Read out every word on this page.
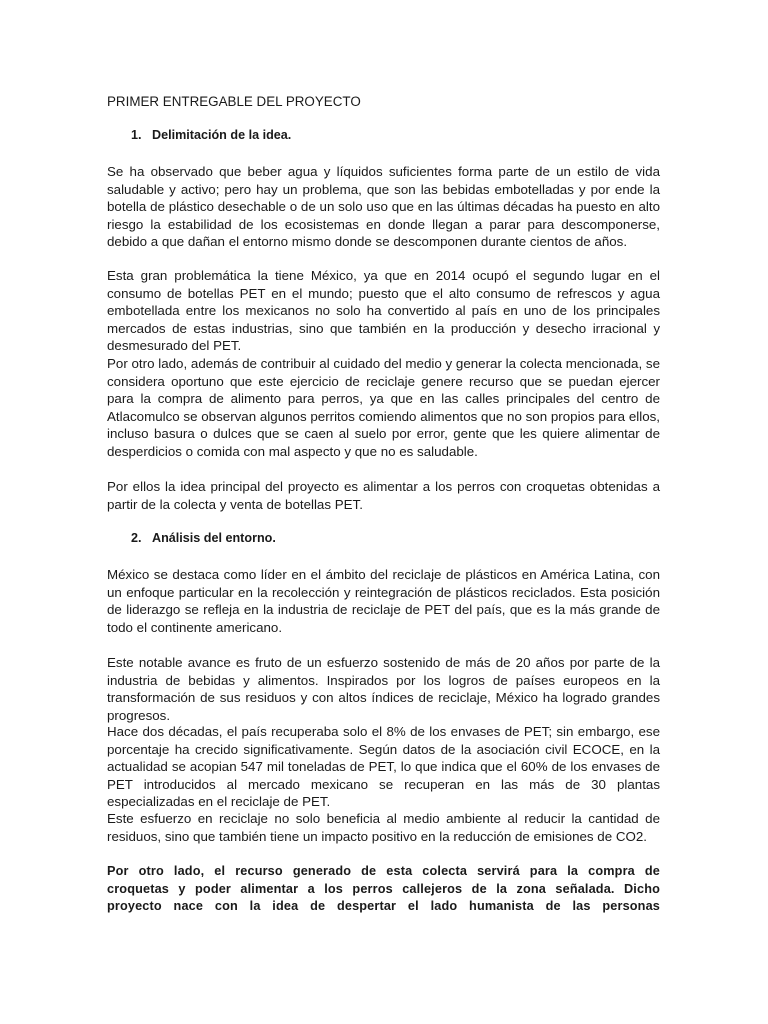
PRIMER ENTREGABLE DEL PROYECTO
1. Delimitación de la idea.

Se ha observado que beber agua y líquidos suficientes forma parte de un estilo de vida saludable y activo; pero hay un problema, que son las bebidas embotelladas y por ende la botella de plástico desechable o de un solo uso que en las últimas décadas ha puesto en alto riesgo la estabilidad de los ecosistemas en donde llegan a parar para descomponerse, debido a que dañan el entorno mismo donde se descomponen durante cientos de años.

Esta gran problemática la tiene México, ya que en 2014 ocupó el segundo lugar en el consumo de botellas PET en el mundo; puesto que el alto consumo de refrescos y agua embotellada entre los mexicanos no solo ha convertido al país en uno de los principales mercados de estas industrias, sino que también en la producción y desecho irracional y desmesurado del PET.

Por otro lado, además de contribuir al cuidado del medio y generar la colecta mencionada, se considera oportuno que este ejercicio de reciclaje genere recurso que se puedan ejercer para la compra de alimento para perros, ya que en las calles principales del centro de Atlacomulco se observan algunos perritos comiendo alimentos que no son propios para ellos, incluso basura o dulces que se caen al suelo por error, gente que les quiere alimentar de desperdicios o comida con mal aspecto y que no es saludable.

Por ellos la idea principal del proyecto es alimentar a los perros con croquetas obtenidas a partir de la colecta y venta de botellas PET.

2. Análisis del entorno.

México se destaca como líder en el ámbito del reciclaje de plásticos en América Latina, con un enfoque particular en la recolección y reintegración de plásticos reciclados. Esta posición de liderazgo se refleja en la industria de reciclaje de PET del país, que es la más grande de todo el continente americano.

Este notable avance es fruto de un esfuerzo sostenido de más de 20 años por parte de la industria de bebidas y alimentos. Inspirados por los logros de países europeos en la transformación de sus residuos y con altos índices de reciclaje, México ha logrado grandes progresos.

Hace dos décadas, el país recuperaba solo el 8% de los envases de PET; sin embargo, ese porcentaje ha crecido significativamente. Según datos de la asociación civil ECOCE, en la actualidad se acopian 547 mil toneladas de PET, lo que indica que el 60% de los envases de PET introducidos al mercado mexicano se recuperan en las más de 30 plantas especializadas en el reciclaje de PET.

Este esfuerzo en reciclaje no solo beneficia al medio ambiente al reducir la cantidad de residuos, sino que también tiene un impacto positivo en la reducción de emisiones de CO2.

Por otro lado, el recurso generado de esta colecta servirá para la compra de croquetas y poder alimentar a los perros callejeros de la zona señalada. Dicho proyecto nace con la idea de despertar el lado humanista de las personas
